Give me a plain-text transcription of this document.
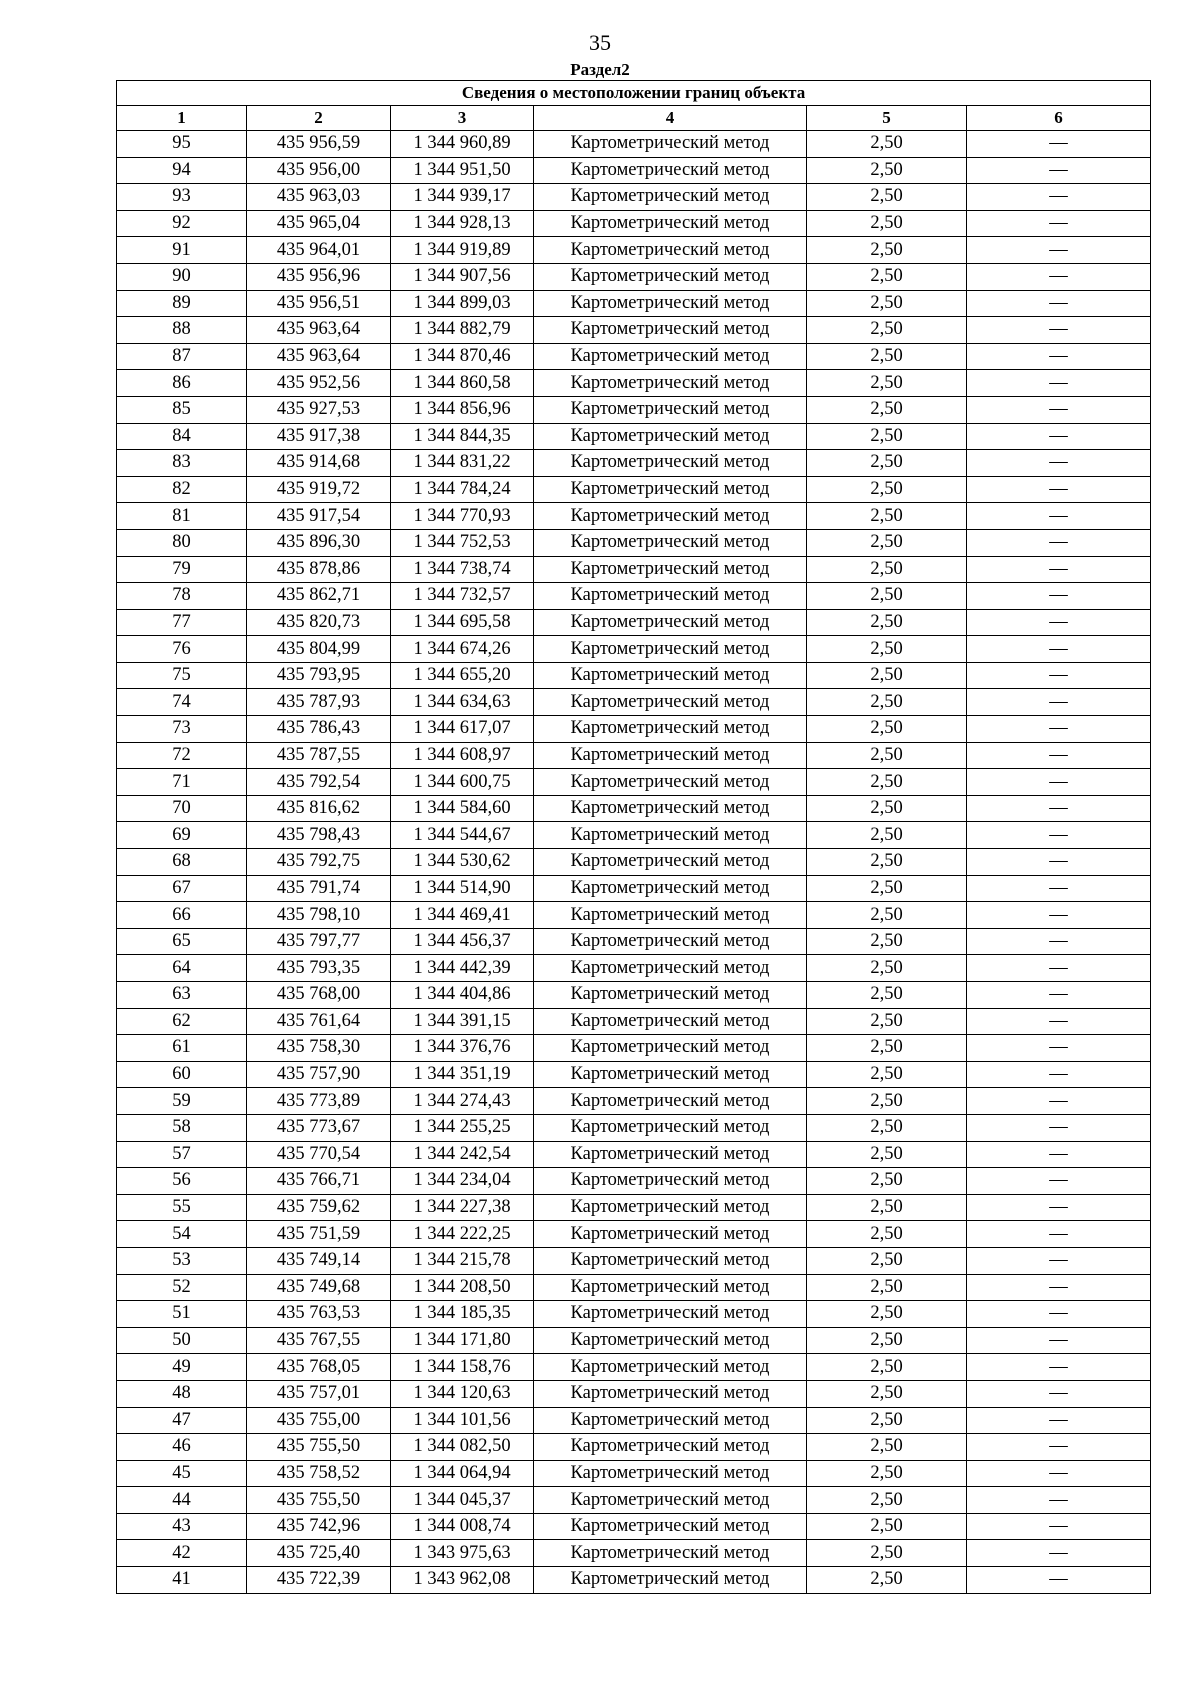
35
Раздел2
Сведения о местоположении границ объекта					
1	2	3	4	5	6
95	435 956,59	1 344 960,89	Картометрический метод	2,50	—
94	435 956,00	1 344 951,50	Картометрический метод	2,50	—
93	435 963,03	1 344 939,17	Картометрический метод	2,50	—
92	435 965,04	1 344 928,13	Картометрический метод	2,50	—
91	435 964,01	1 344 919,89	Картометрический метод	2,50	—
90	435 956,96	1 344 907,56	Картометрический метод	2,50	—
89	435 956,51	1 344 899,03	Картометрический метод	2,50	—
88	435 963,64	1 344 882,79	Картометрический метод	2,50	—
87	435 963,64	1 344 870,46	Картометрический метод	2,50	—
86	435 952,56	1 344 860,58	Картометрический метод	2,50	—
85	435 927,53	1 344 856,96	Картометрический метод	2,50	—
84	435 917,38	1 344 844,35	Картометрический метод	2,50	—
83	435 914,68	1 344 831,22	Картометрический метод	2,50	—
82	435 919,72	1 344 784,24	Картометрический метод	2,50	—
81	435 917,54	1 344 770,93	Картометрический метод	2,50	—
80	435 896,30	1 344 752,53	Картометрический метод	2,50	—
79	435 878,86	1 344 738,74	Картометрический метод	2,50	—
78	435 862,71	1 344 732,57	Картометрический метод	2,50	—
77	435 820,73	1 344 695,58	Картометрический метод	2,50	—
76	435 804,99	1 344 674,26	Картометрический метод	2,50	—
75	435 793,95	1 344 655,20	Картометрический метод	2,50	—
74	435 787,93	1 344 634,63	Картометрический метод	2,50	—
73	435 786,43	1 344 617,07	Картометрический метод	2,50	—
72	435 787,55	1 344 608,97	Картометрический метод	2,50	—
71	435 792,54	1 344 600,75	Картометрический метод	2,50	—
70	435 816,62	1 344 584,60	Картометрический метод	2,50	—
69	435 798,43	1 344 544,67	Картометрический метод	2,50	—
68	435 792,75	1 344 530,62	Картометрический метод	2,50	—
67	435 791,74	1 344 514,90	Картометрический метод	2,50	—
66	435 798,10	1 344 469,41	Картометрический метод	2,50	—
65	435 797,77	1 344 456,37	Картометрический метод	2,50	—
64	435 793,35	1 344 442,39	Картометрический метод	2,50	—
63	435 768,00	1 344 404,86	Картометрический метод	2,50	—
62	435 761,64	1 344 391,15	Картометрический метод	2,50	—
61	435 758,30	1 344 376,76	Картометрический метод	2,50	—
60	435 757,90	1 344 351,19	Картометрический метод	2,50	—
59	435 773,89	1 344 274,43	Картометрический метод	2,50	—
58	435 773,67	1 344 255,25	Картометрический метод	2,50	—
57	435 770,54	1 344 242,54	Картометрический метод	2,50	—
56	435 766,71	1 344 234,04	Картометрический метод	2,50	—
55	435 759,62	1 344 227,38	Картометрический метод	2,50	—
54	435 751,59	1 344 222,25	Картометрический метод	2,50	—
53	435 749,14	1 344 215,78	Картометрический метод	2,50	—
52	435 749,68	1 344 208,50	Картометрический метод	2,50	—
51	435 763,53	1 344 185,35	Картометрический метод	2,50	—
50	435 767,55	1 344 171,80	Картометрический метод	2,50	—
49	435 768,05	1 344 158,76	Картометрический метод	2,50	—
48	435 757,01	1 344 120,63	Картометрический метод	2,50	—
47	435 755,00	1 344 101,56	Картометрический метод	2,50	—
46	435 755,50	1 344 082,50	Картометрический метод	2,50	—
45	435 758,52	1 344 064,94	Картометрический метод	2,50	—
44	435 755,50	1 344 045,37	Картометрический метод	2,50	—
43	435 742,96	1 344 008,74	Картометрический метод	2,50	—
42	435 725,40	1 343 975,63	Картометрический метод	2,50	—
41	435 722,39	1 343 962,08	Картометрический метод	2,50	—
